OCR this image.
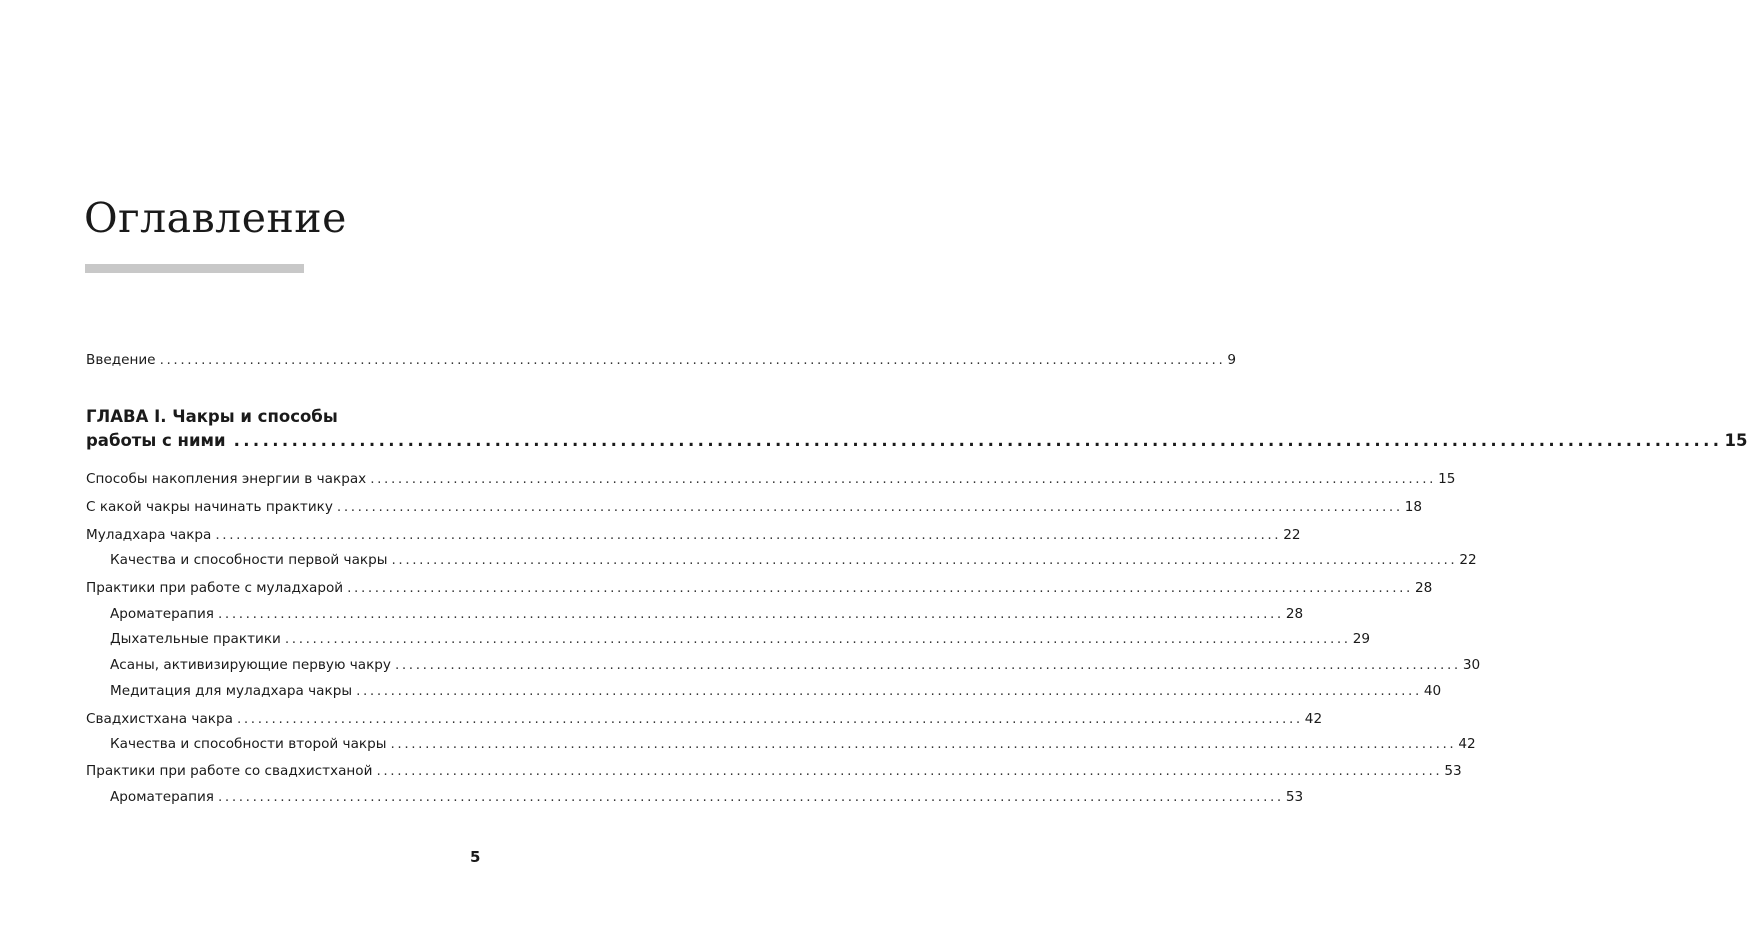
Оглавление
Введение .......................................................................................................................................................... 9
ГЛАВА I. Чакры и способы
работы с ними .......................................................................................................................................................... 15
Способы накопления энергии в чакрах .......................................................................................................................................................... 15
С какой чакры начинать практику .......................................................................................................................................................... 18
Муладхара чакра .......................................................................................................................................................... 22
Качества и способности первой чакры .......................................................................................................................................................... 22
Практики при работе с муладхарой .......................................................................................................................................................... 28
Ароматерапия .......................................................................................................................................................... 28
Дыхательные практики .......................................................................................................................................................... 29
Асаны, активизирующие первую чакру .......................................................................................................................................................... 30
Медитация для муладхара чакры .......................................................................................................................................................... 40
Свадхистхана чакра .......................................................................................................................................................... 42
Качества и способности второй чакры .......................................................................................................................................................... 42
Практики при работе со свадхистханой .......................................................................................................................................................... 53
Ароматерапия .......................................................................................................................................................... 53
5
